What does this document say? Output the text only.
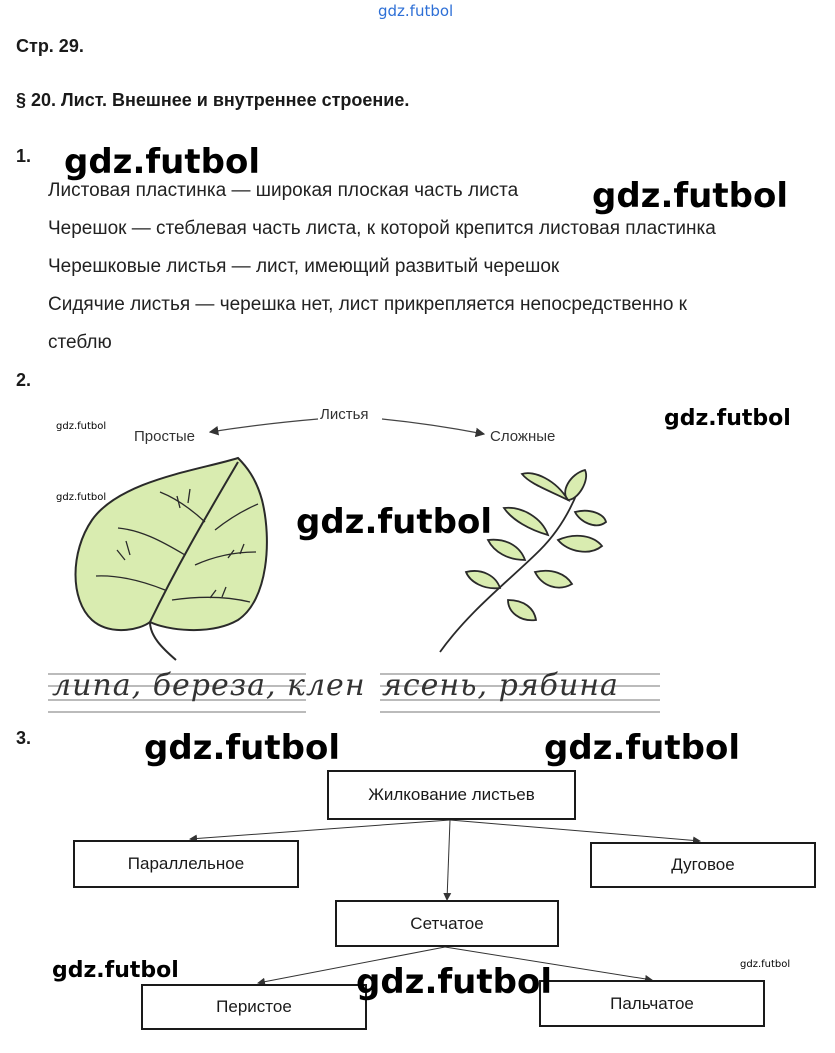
gdz.futbol
Стр. 29.
§ 20. Лист. Внешнее и внутреннее строение.
1. gdz.futbol
Листовая пластинка — широкая плоская часть листа gdz.futbol
Черешок — стеблевая часть листа, к которой крепится листовая пластинка
Черешковые листья — лист, имеющий развитый черешок
Сидячие листья — черешка нет, лист прикрепляется непосредственно к
стеблю
2.
gdz.futbol
gdz.futbol
gdz.futbol
Листья
Простые	Сложные
липа, береза, клен ясень, рябина
gdz.futbol
3.	gdz.futbol	gdz.futbol
Жилкование листьев
Параллельное	Дуговое
Сетчатое
Перистое	Пальчатое
gdz.futbol	gdz.futbol	gdz.futbol
